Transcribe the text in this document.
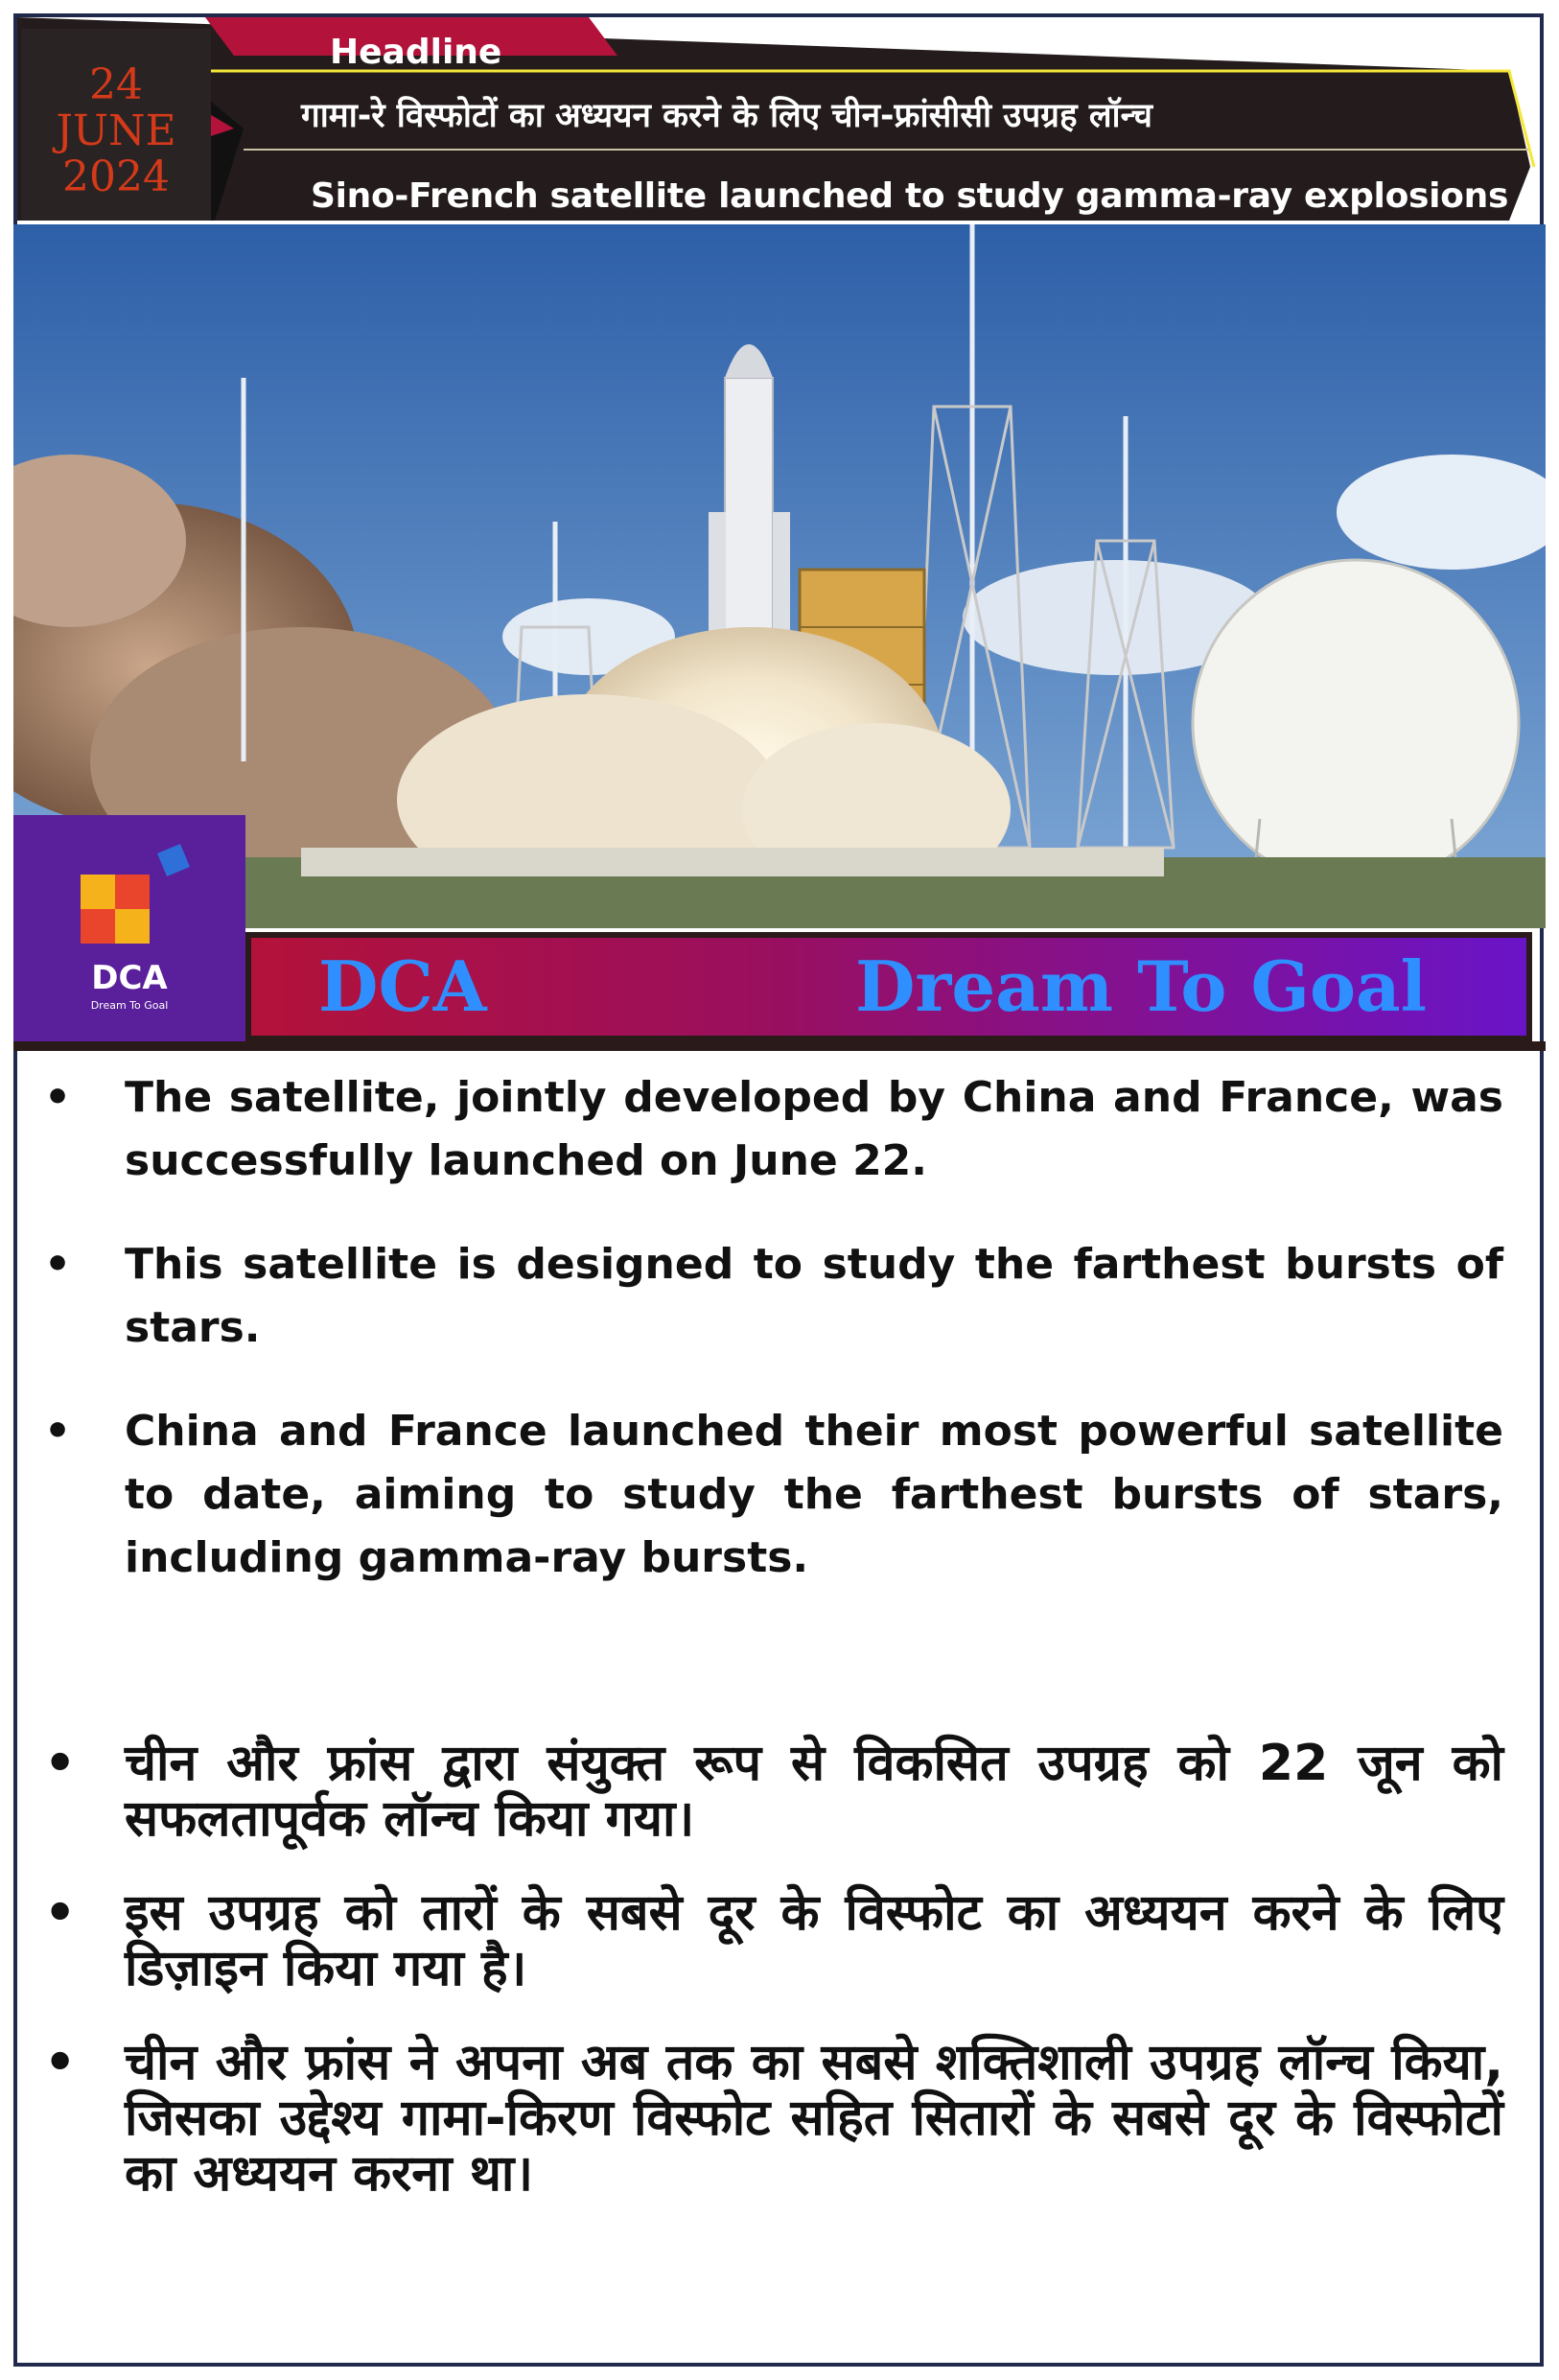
24
JUNE
2024
Headline
गामा-रे विस्फोटों का अध्ययन करने के लिए चीन-फ्रांसीसी उपग्रह लॉन्च
Sino-French satellite launched to study gamma-ray explosions
DCA
Dream To Goal	DCA	Dream To Goal
• The satellite, jointly developed by China and France, was successfully launched on June 22.
• This satellite is designed to study the farthest bursts of stars.
• China and France launched their most powerful satellite to date, aiming to study the farthest bursts of stars, including gamma-ray bursts.
• चीन और फ्रांस द्वारा संयुक्त रूप से विकसित उपग्रह को 22 जून को सफलतापूर्वक लॉन्च किया गया।
• इस उपग्रह को तारों के सबसे दूर के विस्फोट का अध्ययन करने के लिए डिज़ाइन किया गया है।
• चीन और फ्रांस ने अपना अब तक का सबसे शक्तिशाली उपग्रह लॉन्च किया, जिसका उद्देश्य गामा-किरण विस्फोट सहित सितारों के सबसे दूर के विस्फोटों का अध्ययन करना था।
